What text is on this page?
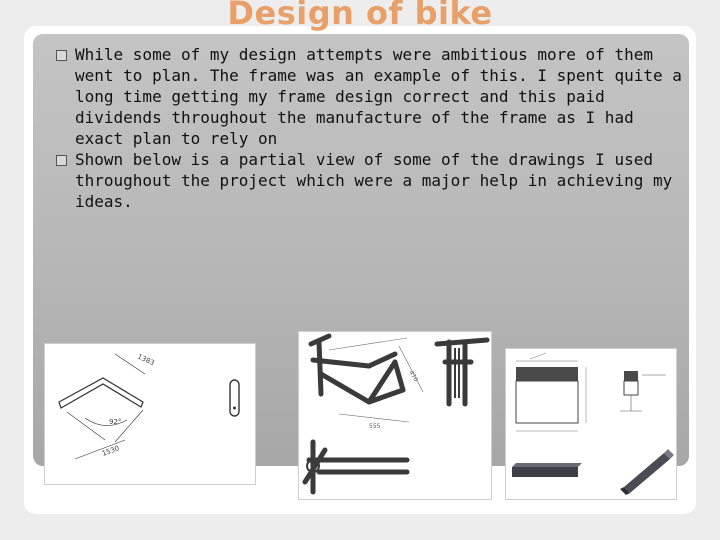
Design of bike
While some of my design attempts were ambitious more of them went to plan. The frame was an example of this. I spent quite a long time getting my frame design correct and this paid dividends throughout the manufacture of the frame as I had exact plan to rely on
Shown below is a partial view of some of the drawings I used throughout the project which were a major help in achieving my ideas.
1383
92°
1530
470
555
